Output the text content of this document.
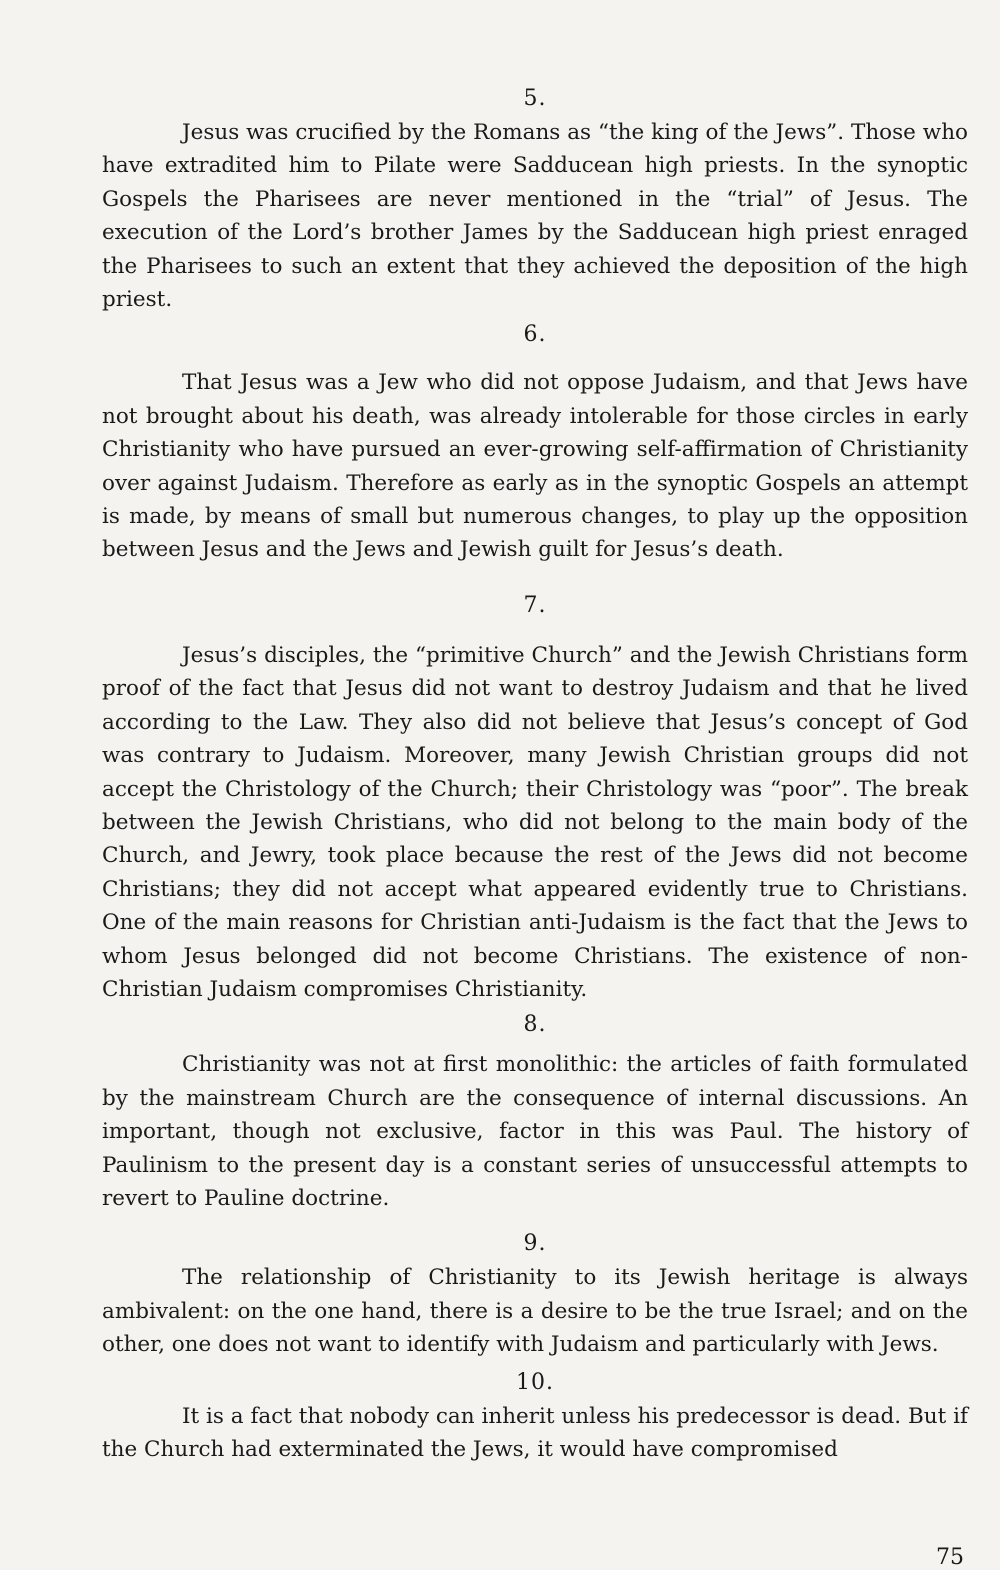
5.

Jesus was crucified by the Romans as “the king of the Jews”. Those who have extradited him to Pilate were Sadducean high priests. In the synoptic Gospels the Pharisees are never mentioned in the “trial” of Jesus. The execution of the Lord’s brother James by the Sadducean high priest enraged the Pharisees to such an extent that they achieved the deposition of the high priest.

6.

That Jesus was a Jew who did not oppose Judaism, and that Jews have not brought about his death, was already intolerable for those circles in early Christianity who have pursued an ever-growing self-affirmation of Christianity over against Judaism. Therefore as early as in the synoptic Gospels an attempt is made, by means of small but numerous changes, to play up the opposition between Jesus and the Jews and Jewish guilt for Jesus’s death.

7.

Jesus’s disciples, the “primitive Church” and the Jewish Christians form proof of the fact that Jesus did not want to destroy Judaism and that he lived according to the Law. They also did not believe that Jesus’s concept of God was contrary to Judaism. Moreover, many Jewish Christian groups did not accept the Christology of the Church; their Christology was “poor”. The break between the Jewish Christians, who did not belong to the main body of the Church, and Jewry, took place because the rest of the Jews did not become Christians; they did not accept what appeared evidently true to Christians. One of the main reasons for Christian anti-Judaism is the fact that the Jews to whom Jesus belonged did not become Christians. The existence of non-Christian Judaism compromises Christianity.

8.

Christianity was not at first monolithic: the articles of faith formulated by the mainstream Church are the consequence of internal discussions. An important, though not exclusive, factor in this was Paul. The history of Paulinism to the present day is a constant series of unsuccessful attempts to revert to Pauline doctrine.

9.

The relationship of Christianity to its Jewish heritage is always ambivalent: on the one hand, there is a desire to be the true Israel; and on the other, one does not want to identify with Judaism and particularly with Jews.

10.

It is a fact that nobody can inherit unless his predecessor is dead. But if the Church had exterminated the Jews, it would have compromised

75
